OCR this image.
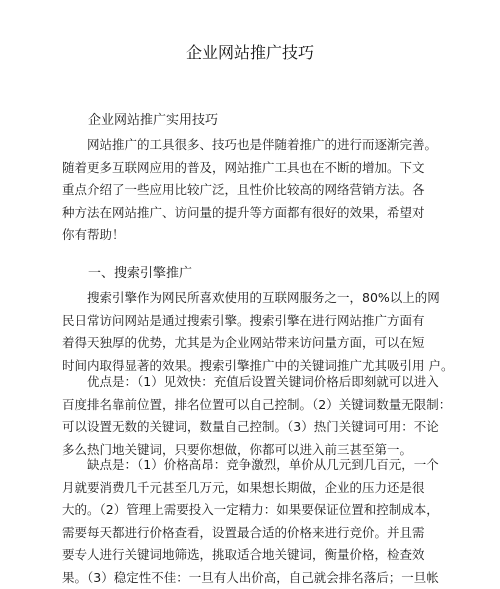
企业网站推广技巧
企业网站推广实用技巧

　　网站推广的工具很多、技巧也是伴随着推广的进行而逐渐完善。
随着更多互联网应用的普及，网站推广工具也在不断的增加。下文
重点介绍了一些应用比较广泛，且性价比较高的网络营销方法。各
种方法在网站推广、访问量的提升等方面都有很好的效果，希望对
你有帮助！

一、搜索引擎推广

　　搜索引擎作为网民所喜欢使用的互联网服务之一，80%以上的网
民日常访问网站是通过搜索引擎。搜索引擎在进行网站推广方面有
着得天独厚的优势，尤其是为企业网站带来访问量方面，可以在短
时间内取得显著的效果。搜索引擎推广中的关键词推广尤其吸引用 户。

　　优点是：（1）见效快：充值后设置关键词价格后即刻就可以进入
百度排名靠前位置，排名位置可以自己控制。（2）关键词数量无限制：
可以设置无数的关键词，数量自己控制。（3）热门关键词可用：不论
多么热门地关键词，只要你想做，你都可以进入前三甚至第一。

　　缺点是：（1）价格高昂：竞争激烈，单价从几元到几百元，一个
月就要消费几千元甚至几万元，如果想长期做，企业的压力还是很
大的。（2）管理上需要投入一定精力：如果要保证位置和控制成本，
需要每天都进行价格查看，设置最合适的价格来进行竞价。并且需
要专人进行关键词地筛选，挑取适合地关键词，衡量价格，检查效
果。（3）稳定性不佳：一旦有人出价高，自己就会排名落后；一旦帐
